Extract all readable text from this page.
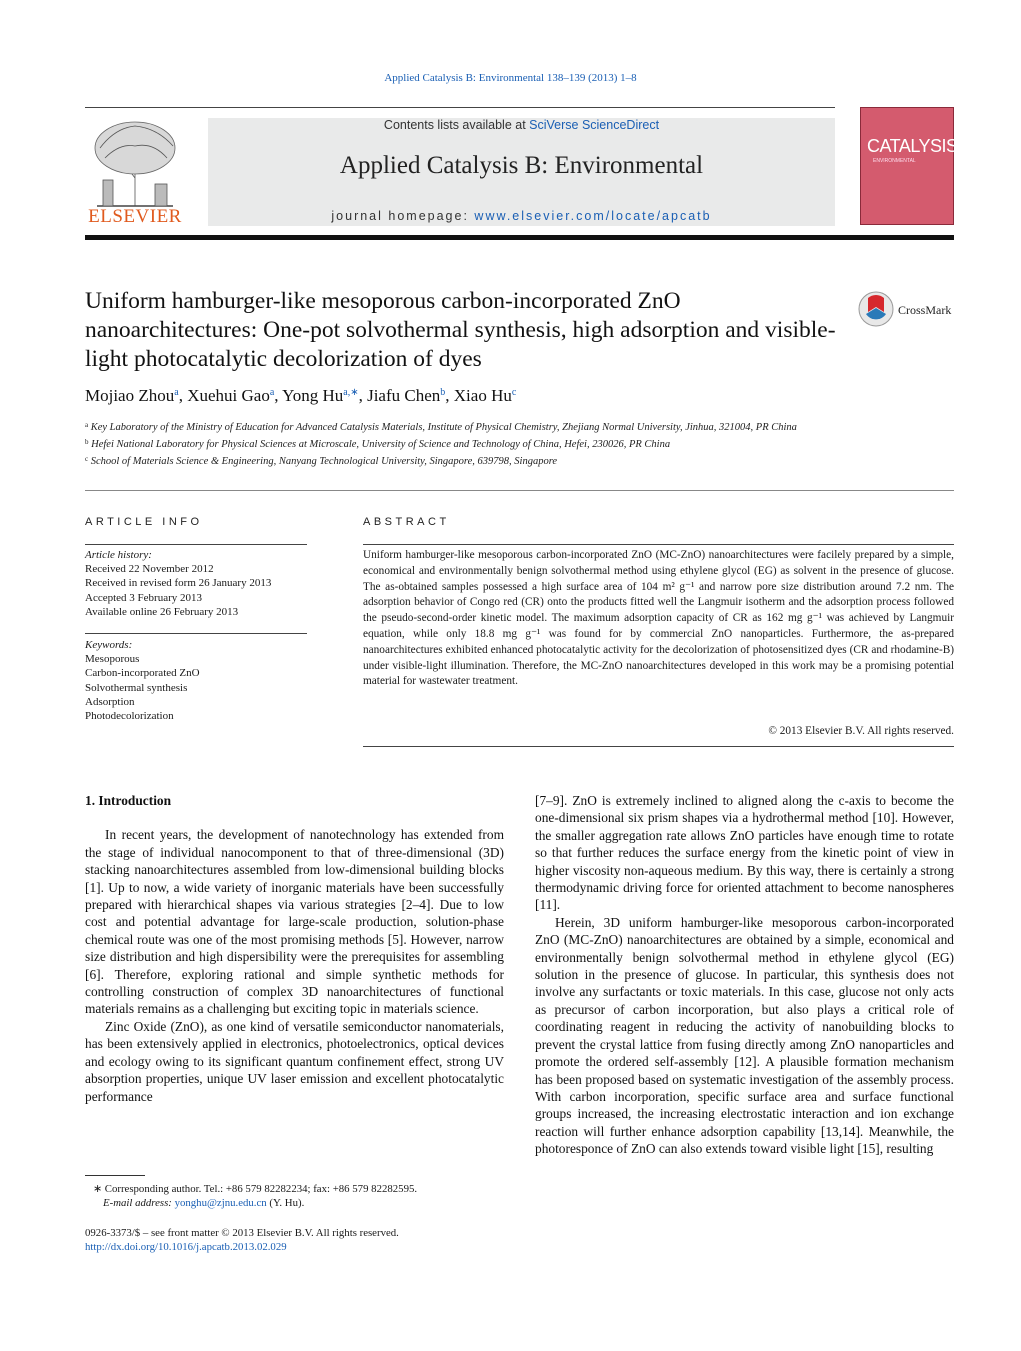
Applied Catalysis B: Environmental 138–139 (2013) 1–8
ELSEVIER
Contents lists available at SciVerse ScienceDirect
Applied Catalysis B: Environmental
journal homepage: www.elsevier.com/locate/apcatb
CATALYSIS
ENVIRONMENTAL
Uniform hamburger-like mesoporous carbon-incorporated ZnO nanoarchitectures: One-pot solvothermal synthesis, high adsorption and visible-light photocatalytic decolorization of dyes
CrossMark
Mojiao Zhou$^a$, Xuehui Gao$^a$, Yong $Hu^{a,∗}$, Jiafu Chen$^b$, Xiao Hu$^c$
$^a$ Key Laboratory of the Ministry of Education for Advanced Catalysis Materials, Institute of Physical Chemistry, Zhejiang Normal University, Jinhua, 321004, PR China
$^b$ Hefei National Laboratory for Physical Sciences at Microscale, University of Science and Technology of China, Hefei, 230026, PR China
$^c$ School of Materials Science & Engineering, Nanyang Technological University, Singapore, 639798, Singapore
ARTICLE INFO
Article history:
Received 22 November 2012
Received in revised form 26 January 2013
Accepted 3 February 2013
Available online 26 February 2013
Keywords:
Mesoporous
Carbon-incorporated ZnO
Solvothermal synthesis
Adsorption
Photodecolorization
ABSTRACT
Uniform hamburger-like mesoporous carbon-incorporated ZnO (MC-ZnO) nanoarchitectures were facilely prepared by a simple, economical and environmentally benign solvothermal method using ethylene glycol (EG) as solvent in the presence of glucose. The as-obtained samples possessed a high surface area of 104 m² g⁻¹ and narrow pore size distribution around 7.2 nm. The adsorption behavior of Congo red (CR) onto the products fitted well the Langmuir isotherm and the adsorption process followed the pseudo-second-order kinetic model. The maximum adsorption capacity of CR as 162 mg g⁻¹ was achieved by Langmuir equation, while only 18.8 mg g⁻¹ was found for by commercial ZnO nanoparticles. Furthermore, the as-prepared nanoarchitectures exhibited enhanced photocatalytic activity for the decolorization of photosensitized dyes (CR and rhodamine-B) under visible-light illumination. Therefore, the MC-ZnO nanoarchitectures developed in this work may be a promising potential material for wastewater treatment.
© 2013 Elsevier B.V. All rights reserved.
1. Introduction

In recent years, the development of nanotechnology has extended from the stage of individual nanocomponent to that of three-dimensional (3D) stacking nanoarchitectures assembled from low-dimensional building blocks [1]. Up to now, a wide variety of inorganic materials have been successfully prepared with hierarchical shapes via various strategies [2–4]. Due to low cost and potential advantage for large-scale production, solution-phase chemical route was one of the most promising methods [5]. However, narrow size distribution and high dispersibility were the prerequisites for assembling [6]. Therefore, exploring rational and simple synthetic methods for controlling construction of complex 3D nanoarchitectures of functional materials remains as a challenging but exciting topic in materials science.

Zinc Oxide (ZnO), as one kind of versatile semiconductor nanomaterials, has been extensively applied in electronics, photoelectronics, optical devices and ecology owing to its significant quantum confinement effect, strong UV absorption properties, unique UV laser emission and excellent photocatalytic performance

[7–9]. ZnO is extremely inclined to aligned along the c-axis to become the one-dimensional six prism shapes via a hydrothermal method [10]. However, the smaller aggregation rate allows ZnO particles have enough time to rotate so that further reduces the surface energy from the kinetic point of view in higher viscosity non-aqueous medium. By this way, there is certainly a strong thermodynamic driving force for oriented attachment to become nanospheres [11].

Herein, 3D uniform hamburger-like mesoporous carbon-incorporated ZnO (MC-ZnO) nanoarchitectures are obtained by a simple, economical and environmentally benign solvothermal method in ethylene glycol (EG) solution in the presence of glucose. In particular, this synthesis does not involve any surfactants or toxic materials. In this case, glucose not only acts as precursor of carbon incorporation, but also plays a critical role of coordinating reagent in reducing the activity of nanobuilding blocks to prevent the crystal lattice from fusing directly among ZnO nanoparticles and promote the ordered self-assembly [12]. A plausible formation mechanism has been proposed based on systematic investigation of the assembly process. With carbon incorporation, specific surface area and surface functional groups increased, the increasing electrostatic interaction and ion exchange reaction will further enhance adsorption capability [13,14]. Meanwhile, the photoresponce of ZnO can also extends toward visible light [15], resulting

∗ Corresponding author. Tel.: +86 579 82282234; fax: +86 579 82282595.
E-mail address: yonghu@zjnu.edu.cn (Y. Hu).
0926-3373/$ – see front matter © 2013 Elsevier B.V. All rights reserved.
http://dx.doi.org/10.1016/j.apcatb.2013.02.029
